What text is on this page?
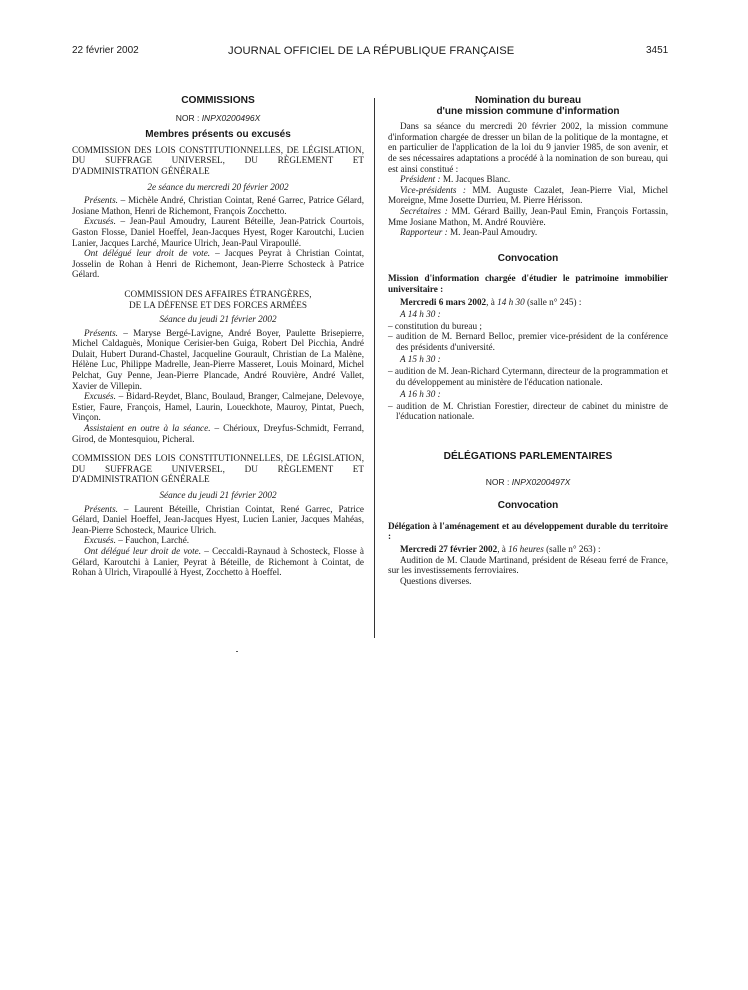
22 février 2002	JOURNAL OFFICIEL DE LA RÉPUBLIQUE FRANÇAISE	3451
COMMISSIONS
NOR : INPX0200496X
Membres présents ou excusés

COMMISSION DES LOIS CONSTITUTIONNELLES, DE LÉGISLATION, DU SUFFRAGE UNIVERSEL, DU RÈGLEMENT ET D'ADMINISTRATION GÉNÉRALE

2e séance du mercredi 20 février 2002

Présents. – Michèle André, Christian Cointat, René Garrec, Patrice Gélard, Josiane Mathon, Henri de Richemont, François Zocchetto.

Excusés. – Jean-Paul Amoudry, Laurent Béteille, Jean-Patrick Courtois, Gaston Flosse, Daniel Hoeffel, Jean-Jacques Hyest, Roger Karoutchi, Lucien Lanier, Jacques Larché, Maurice Ulrich, Jean-Paul Virapoullé.

Ont délégué leur droit de vote. – Jacques Peyrat à Christian Cointat, Josselin de Rohan à Henri de Richemont, Jean-Pierre Schosteck à Patrice Gélard.

COMMISSION DES AFFAIRES ÉTRANGÈRES,
DE LA DÉFENSE ET DES FORCES ARMÉES
Séance du jeudi 21 février 2002

Présents. – Maryse Bergé-Lavigne, André Boyer, Paulette Brisepierre, Michel Caldaguès, Monique Cerisier-ben Guiga, Robert Del Picchia, André Dulait, Hubert Durand-Chastel, Jacqueline Gourault, Christian de La Malène, Hélène Luc, Philippe Madrelle, Jean-Pierre Masseret, Louis Moinard, Michel Pelchat, Guy Penne, Jean-Pierre Plancade, André Rouvière, André Vallet, Xavier de Villepin.

Excusés. – Bidard-Reydet, Blanc, Boulaud, Branger, Calmejane, Delevoye, Estier, Faure, François, Hamel, Laurin, Loueckhote, Mauroy, Pintat, Puech, Vinçon.

Assistaient en outre à la séance. – Chérioux, Dreyfus-Schmidt, Ferrand, Girod, de Montesquiou, Picheral.

COMMISSION DES LOIS CONSTITUTIONNELLES, DE LÉGISLATION, DU SUFFRAGE UNIVERSEL, DU RÈGLEMENT ET D'ADMINISTRATION GÉNÉRALE

Séance du jeudi 21 février 2002

Présents. – Laurent Béteille, Christian Cointat, René Garrec, Patrice Gélard, Daniel Hoeffel, Jean-Jacques Hyest, Lucien Lanier, Jacques Mahéas, Jean-Pierre Schosteck, Maurice Ulrich.

Excusés. – Fauchon, Larché.

Ont délégué leur droit de vote. – Ceccaldi-Raynaud à Schosteck, Flosse à Gélard, Karoutchi à Lanier, Peyrat à Béteille, de Richemont à Cointat, de Rohan à Ulrich, Virapoullé à Hyest, Zocchetto à Hoeffel.

Nomination du bureau
d'une mission commune d'information

Dans sa séance du mercredi 20 février 2002, la mission commune d'information chargée de dresser un bilan de la politique de la montagne, et en particulier de l'application de la loi du 9 janvier 1985, de son avenir, et de ses nécessaires adaptations a procédé à la nomination de son bureau, qui est ainsi constitué :

Président : M. Jacques Blanc.

Vice-présidents : MM. Auguste Cazalet, Jean-Pierre Vial, Michel Moreigne, Mme Josette Durrieu, M. Pierre Hérisson.

Secrétaires : MM. Gérard Bailly, Jean-Paul Emin, François Fortassin, Mme Josiane Mathon, M. André Rouvière.

Rapporteur : M. Jean-Paul Amoudry.

Convocation

Mission d'information chargée d'étudier le patrimoine immobilier universitaire :

Mercredi 6 mars 2002, à 14 h 30 (salle n° 245) :

A 14 h 30 :

– constitution du bureau ;

– audition de M. Bernard Belloc, premier vice-président de la conférence des présidents d'université.

A 15 h 30 :

– audition de M. Jean-Richard Cytermann, directeur de la programmation et du développement au ministère de l'éducation nationale.

A 16 h 30 :

– audition de M. Christian Forestier, directeur de cabinet du ministre de l'éducation nationale.

DÉLÉGATIONS PARLEMENTAIRES
NOR : INPX0200497X
Convocation

Délégation à l'aménagement et au développement durable du territoire :

Mercredi 27 février 2002, à 16 heures (salle n° 263) :

Audition de M. Claude Martinand, président de Réseau ferré de France, sur les investissements ferroviaires.

Questions diverses.
